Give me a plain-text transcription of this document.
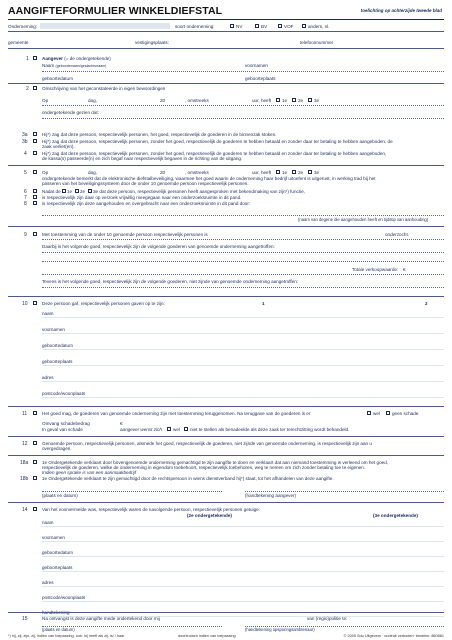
AANGIFTEFORMULIER WINKELDIEFSTAL	toelichting op achterzijde tweede blad
Onderneming:	soort onderneming:	NV	BV	VOF	anders, nl.
gemeente	vestigingsplaats:	telefoonnummer
1	Aangever (= de ondergetekende)
Naam (geboortenaam/geslachtsnaam)	voornamen
geboortedatum	geboorteplaats
2	Omschrijving van het geconstateerde in eigen bewoordingen
Op	dag,	20	, omstreeks	uur, heeft 1e 2e 3e
ondergetekende gezien dat:
3a	Hij*) zag dat deze persoon, respectievelijk personen, het goed, respectievelijk de goederen in de binnenzak stoken.
3b	Hij*) zag dat deze persoon, respectievelijk personen, zonder het goed, respectievelijk de goederen te hebben betaald en zonder daar ter betaling te hebben aangeboden, de
zaak verliet(en).
4	Hij*) zag dat deze persoon, respectievelijk personen, zonder het goed, respectievelijk de goederen te hebben betaald en zonder daar ter betaling te hebben aangeboden,
de kassa(s) passeerde(n) en zich begaf naar respectievelijk begaven in de richting van de uitgang.
5	Op	dag,	20	, omstreeks	uur, heeft 1e 2e 3e
ondergetekende bemerkt dat de elektronische diefstalbeveiliging, waarmee het goed waarin de onderneming haar bedrijf uitoefent is uitgerust, in werking trad bij het
passeren van het beveiligingssysteem door de onder 10 genoemde persoon respectievelijk personen.
6	Nadat de 1e 2e 3e dat deze persoon, respectievelijk personen heeft aangesproken met bekendmaking van zijn*) functie,
7	is respectievelijk zijn daar op verzoek vrijwillig meegegaan naar een onderzoeksruimte in dit pand.
8	is respectievelijk zijn deze aangehouden en overgebracht naar een onderzoeksruimte in dit pand door:
(naam van degene die aangehouden heeft en tijdstip van aanhouding)
9	Met toestemming van de onder 10 genoemde persoon respectievelijk personen is	onderzocht.
Daarbij is het volgende goed, respectievelijk zijn de volgende goederen van genoemde onderneming aangetroffen:
Totale verkoopwaarde: €
Tevens is het volgende goed, respectievelijk zijn de volgende goederen, niet zijnde van genoemde onderneming aangetroffen:
10	Deze persoon gaf, respectievelijk personen gaven op te zijn:	1	2
naam
voornamen
geboortedatum
geboorteplaats
adres
postcode/woonplaats
11	Het goed mag, de goederen van genoemde onderneming zijn met toestemming teruggenomen. Na teruggave van de goederen is er	wel	geen schade.
Omvang schadebedrag	€
In geval van schade	aangever wenst zich wel niet te stellen als benadeelde als deze zaak ter terechtzitting wordt behandeld.
12	Genoemde persoon, respectievelijk personen, alsmede het goed, respectievelijk de goederen, niet zijnde van genoemde onderneming, is respectievelijk zijn aan u
overgedragen.
18a	1e Ondergetekende verklaart door bovengenoemde onderneming gemachtigd te zijn aangifte te doen en verklaart dat aan niemand toestemming is verleend om het goed,
respectievelijk de goederen, welke de onderneming in eigendom toebehoort, respectievelijk toebehoren, weg te nemen om zich zonder betaling toe te eigenen.
Indien geen sprake is van een aanmaakbedrijf
18b	1e Ondergetekende verklaart te zijn gemachtigd door de rechtspersoon in wiens dienstverband hij*) staat, tot het afhandelen van deze aangifte.
(plaats en datum)	(handtekening aangever)
14	Van het voorvermelde was, respectievelijk waren de navolgende persoon, respectievelijk personen getuige:
(2e ondergetekende)	(3e ondergetekende)
naam
voornamen
geboortedatum
geboorteplaats
adres
postcode/woonplaats
handtekening
15	Na ontvangst is deze aangifte mede ondertekend door mij	van (regio)politie te:
(plaats en datum)	(handtekening opsporingsambtenaar)
*) hij, zij, zijn, zij, indien van toepassing, ook: hij heeft als zij, is/ / haar	doorkruisen indien van toepassing	© 2005 Sdu Uitgevers · oudeuk verboden· bestelnr. 860881
